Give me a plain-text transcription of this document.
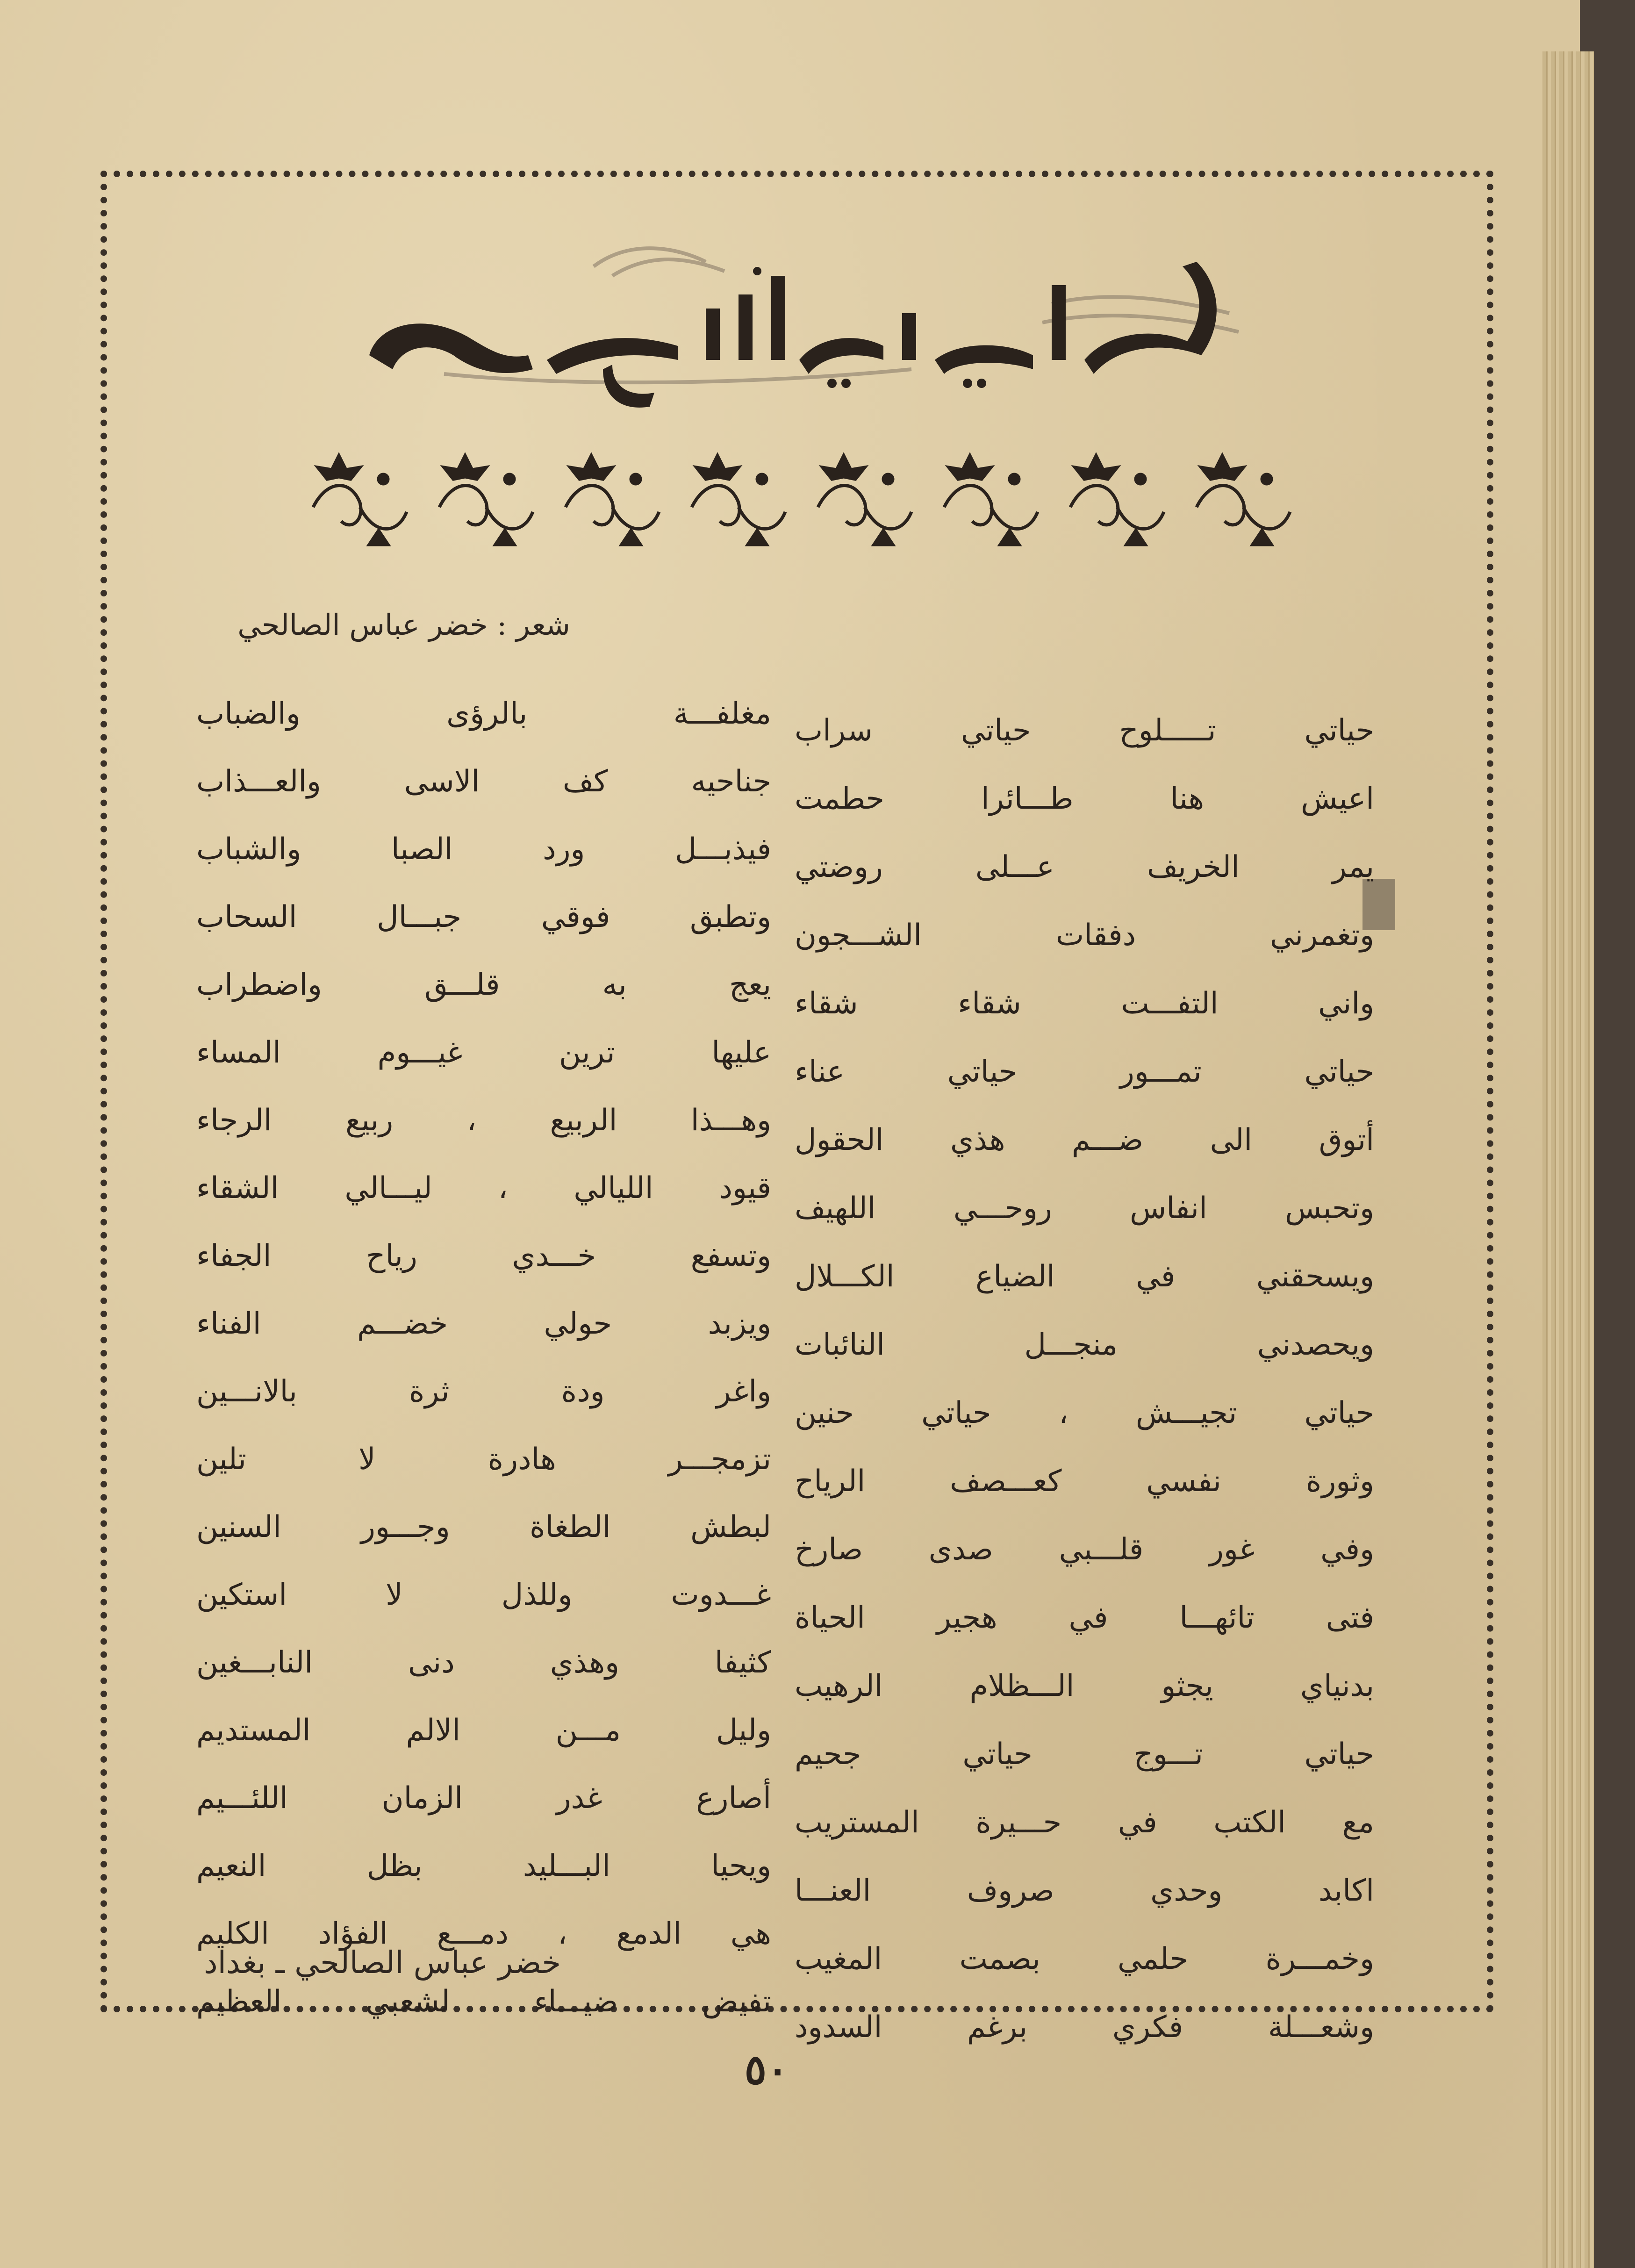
شعر : خضر عباس الصالحي
حياتي تـــــلوح حياتي سراب
اعيش هنا طـــائرا حطمت
يمر الخريف عـــلى روضتي
وتغمرني دفقات الشـــجون
واني التفـــت شقاء شقاء
حياتي تمـــور حياتي عناء
أتوق الى ضـــم هذي الحقول
وتحبس انفاس روحـــي اللهيف
ويسحقني في الضياع الكـــلال
ويحصدني منجـــل النائبات
حياتي تجيـــش ، حياتي حنين
وثورة نفسي كعـــصف الرياح
وفي غور قلـــبي صدى صارخ
فتى تائهـــا في هجير الحياة
بدنياي يجثو الـــظلام الرهيب
حياتي تـــوج حياتي جحيم
مع الكتب في حـــيرة المستريب
اكابد وحدي صروف العنـــا
وخمـــرة حلمي بصمت المغيب
وشعـــلة فكري برغم السدود
مغلفـــة بالرؤى والضباب
جناحيه كف الاسى والعـــذاب
فيذبـــل ورد الصبا والشباب
وتطبق فوقي جبـــال السحاب
يعج به قلـــق واضطراب
عليها ترين غيـــوم المساء
وهـــذا الربيع ، ربيع الرجاء
قيود الليالي ، ليـــالي الشقاء
وتسفع خـــدي رياح الجفاء
ويزبد حولي خضـــم الفناء
واغر ودة ثرة بالانـــين
تزمجـــر هادرة لا تلين
لبطش الطغاة وجـــور السنين
غـــدوت وللذل لا استكين
كثيفا وهذي دنى النابـــغين
وليل مـــن الالم المستديم
أصارع غدر الزمان اللئـــيم
ويحيا البـــليد بظل النعيم
هي الدمع ، دمـــع الفؤاد الكليم
تفيض ضيـــاء لشعبي العظيم
خضر عباس الصالحي ـ بغداد
٥٠
